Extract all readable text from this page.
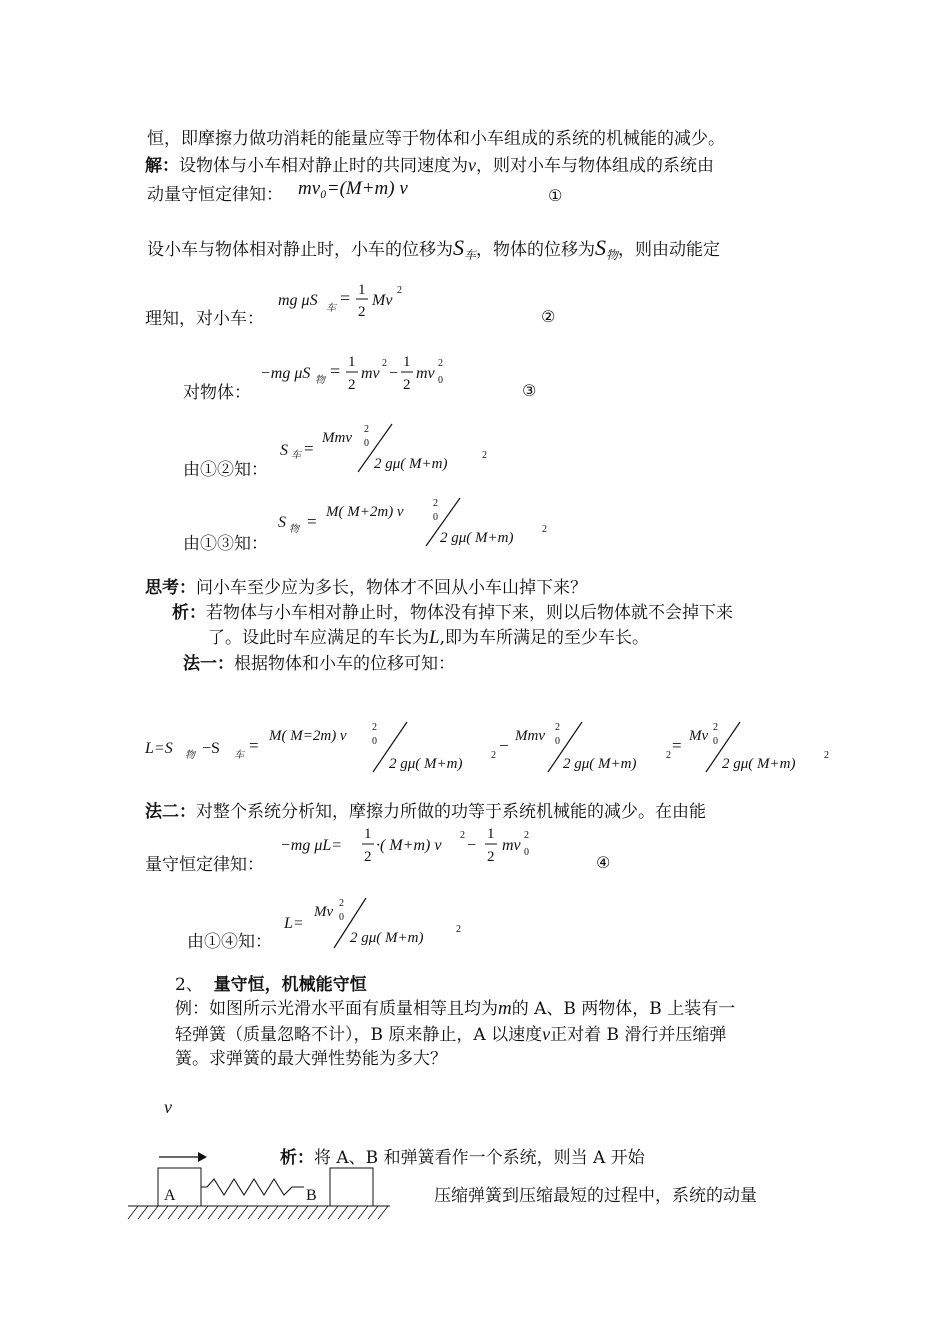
恒，即摩擦力做功消耗的能量应等于物体和小车组成的系统的机械能的减少。
解：设物体与小车相对静止时的共同速度为v，则对小车与物体组成的系统由
动量守恒定律知： mv₀=(M+m) v	①
设小车与物体相对静止时，小车的位移为$S_车$，物体的位移为$S_物$，则由动能定
理知，对小车：
mg μS 车
= 1
2
Mv
2
②
对物体：
−mg μS 物 = 1
2
mv
2
−
1
2
mv
2
0
③
由①②知：
S 车 =
Mmv
2
0
2 gμ( M+m)
2
由①③知：
S 物 = M( M+2m) v
2
0
2 gμ( M+m)
2
思考：问小车至少应为多长，物体才不回从小车山掉下来？
析：若物体与小车相对静止时，物体没有掉下来，则以后物体就不会掉下来
了。设此时车应满足的车长为L,即为车所满足的至少车长。
法一：根据物体和小车的位移可知：
L=S 物 −S 车
= M( M=2m) v
2
0
2 gμ( M+m)
2
− Mmv
2
0
2 gμ( M+m)
2
= Mv
2
0
2 gμ( M+m)
2
法二：对整个系统分析知，摩擦力所做的功等于系统机械能的减少。在由能
量守恒定律知：
−mg μL=
1
2
·( M+m) v
2
−
1
2
mv
2
0
④
由①④知：
L=
Mv
2
0
2 gμ( M+m)
2
2、 量守恒，机械能守恒
例：如图所示光滑水平面有质量相等且均为m的 A、B 两物体，B 上装有一
轻弹簧（质量忽略不计），B 原来静止，A 以速度v正对着 B 滑行并压缩弹
簧。求弹簧的最大弹性势能为多大？
v
A	B
析：将 A、B 和弹簧看作一个系统，则当 A 开始
压缩弹簧到压缩最短的过程中，系统的动量
